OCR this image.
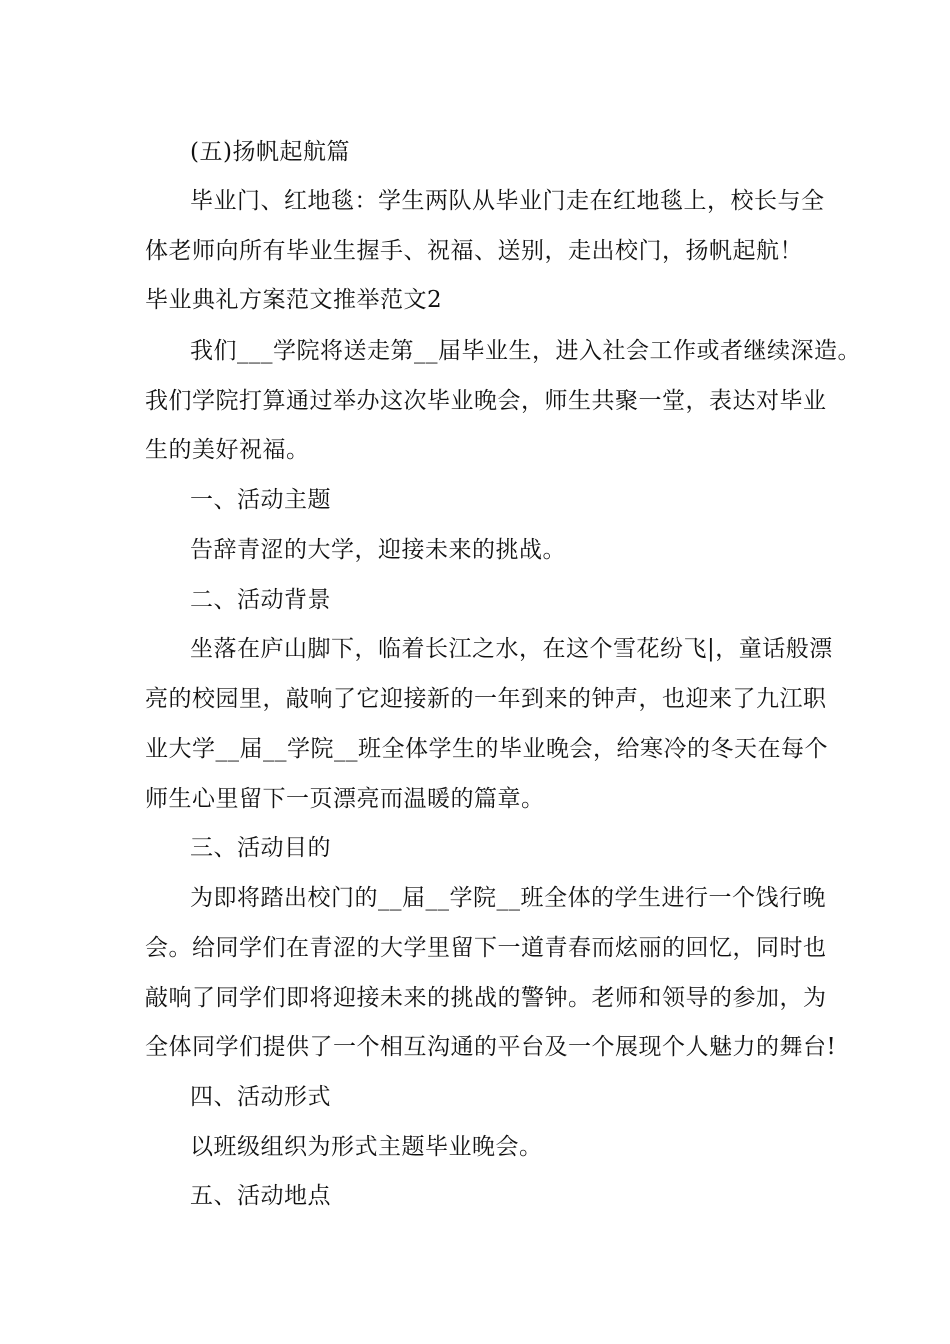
(五)扬帆起航篇
毕业门、红地毯：学生两队从毕业门走在红地毯上，校长与全
体老师向所有毕业生握手、祝福、送别，走出校门，扬帆起航！
毕业典礼方案范文推举范文2
我们___学院将送走第__届毕业生，进入社会工作或者继续深造。
我们学院打算通过举办这次毕业晚会，师生共聚一堂，表达对毕业
生的美好祝福。
一、活动主题
告辞青涩的大学，迎接未来的挑战。
二、活动背景
坐落在庐山脚下，临着长江之水，在这个雪花纷飞|，童话般漂
亮的校园里，敲响了它迎接新的一年到来的钟声，也迎来了九江职
业大学__届__学院__班全体学生的毕业晚会，给寒冷的冬天在每个
师生心里留下一页漂亮而温暖的篇章。
三、活动目的
为即将踏出校门的__届__学院__班全体的学生进行一个饯行晚
会。给同学们在青涩的大学里留下一道青春而炫丽的回忆，同时也
敲响了同学们即将迎接未来的挑战的警钟。老师和领导的参加，为
全体同学们提供了一个相互沟通的平台及一个展现个人魅力的舞台!
四、活动形式
以班级组织为形式主题毕业晚会。
五、活动地点
